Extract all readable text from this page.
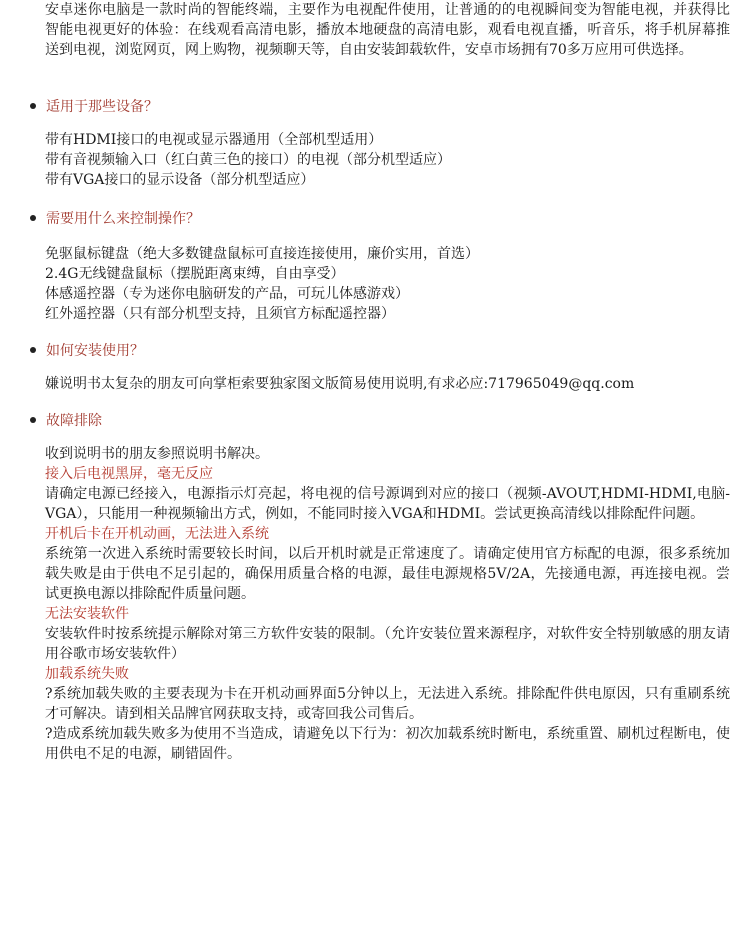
安卓迷你电脑是一款时尚的智能终端，主要作为电视配件使用，让普通的的电视瞬间变为智能电视，并获得比智能电视更好的体验：在线观看高清电影，播放本地硬盘的高清电影，观看电视直播，听音乐，将手机屏幕推送到电视，浏览网页，网上购物，视频聊天等，自由安装卸载软件，安卓市场拥有70多万应用可供选择。

适用于那些设备？

带有HDMI接口的电视或显示器通用（全部机型适用）

带有音视频输入口（红白黄三色的接口）的电视（部分机型适应）

带有VGA接口的显示设备（部分机型适应）

需要用什么来控制操作？

免驱鼠标键盘（绝大多数键盘鼠标可直接连接使用，廉价实用，首选）

2.4G无线键盘鼠标（摆脱距离束缚，自由享受）

体感遥控器（专为迷你电脑研发的产品，可玩儿体感游戏）

红外遥控器（只有部分机型支持，且须官方标配遥控器）

如何安装使用？

嫌说明书太复杂的朋友可向掌柜索要独家图文版简易使用说明,有求必应:717965049@qq.com

故障排除

收到说明书的朋友参照说明书解决。

接入后电视黑屏，毫无反应

请确定电源已经接入，电源指示灯亮起，将电视的信号源调到对应的接口（视频-AVOUT,HDMI-HDMI,电脑-VGA），只能用一种视频输出方式，例如，不能同时接入VGA和HDMI。尝试更换高清线以排除配件问题。

开机后卡在开机动画，无法进入系统

系统第一次进入系统时需要较长时间，以后开机时就是正常速度了。请确定使用官方标配的电源，很多系统加载失败是由于供电不足引起的，确保用质量合格的电源，最佳电源规格5V/2A，先接通电源，再连接电视。尝试更换电源以排除配件质量问题。

无法安装软件

安装软件时按系统提示解除对第三方软件安装的限制。（允许安装位置来源程序，对软件安全特别敏感的朋友请用谷歌市场安装软件）

加载系统失败

?系统加载失败的主要表现为卡在开机动画界面5分钟以上，无法进入系统。排除配件供电原因，只有重刷系统才可解决。请到相关品牌官网获取支持，或寄回我公司售后。

?造成系统加载失败多为使用不当造成，请避免以下行为：初次加载系统时断电，系统重置、刷机过程断电，使用供电不足的电源，刷错固件。
